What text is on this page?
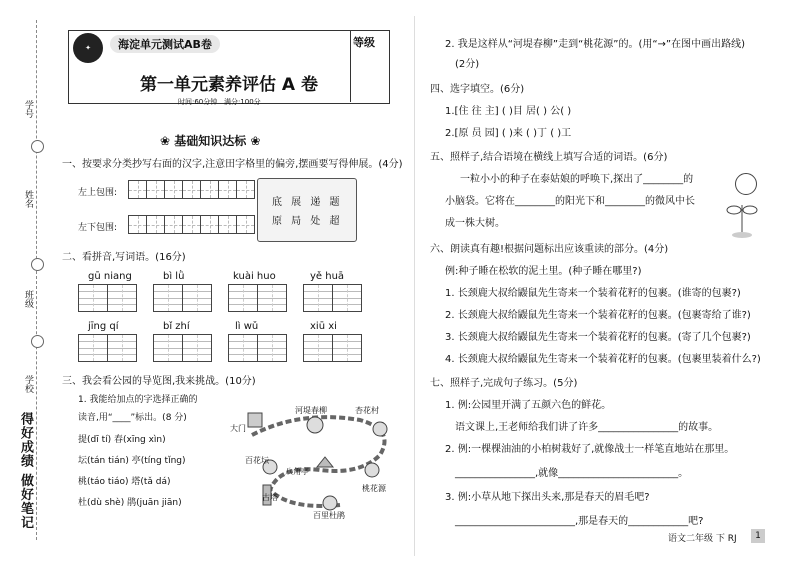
学号
姓名
班级
学校
得好成绩 做好笔记
✦	海淀单元测试AB卷	等级
第一单元素养评估 A 卷
时间:60分钟 满分:100分
❀ 基础知识达标 ❀
一、按要求分类抄写右面的汉字,注意田字格里的偏旁,摆画要写得伸展。(4分)
左上包围:
左下包围:
底 展 递 题
原 局 处 超
二、看拼音,写词语。(16分)
gū niang	bì lǜ	kuài huo	yě huā
jīng qí	bǐ zhí	lì wǔ	xiū xi
三、我会看公园的导览图,我来挑战。(10分)
1. 我能给加点的字选择正确的
读音,用“____”标出。(8 分)
提(dī tí) 春(xīng xìn)
坛(tán tián) 亭(tíng tǐng)
桃(táo tiáo) 塔(tǎ dá)
杜(dù shè) 鹃(juān jiān)
大门
河堤春柳	杏花村
百花坛
八角亭
桃花源
古塔
百里杜鹃
2. 我是这样从“河堤春柳”走到“桃花源”的。(用“→”在图中画出路线)
(2分)
四、选字填空。(6分)
1.[住 往 主] ( )目 居( ) 公( )
2.[原 员 园] ( )来 ( )丁 ( )工
五、照样子,结合语境在横线上填写合适的词语。(6分)
一粒小小的种子在泰姑娘的呼唤下,探出了________的
小脑袋。它将在________的阳光下和________的微风中长
成一株大树。
六、朗读真有趣!根据问题标出应该重读的部分。(4分)
例:种子睡在松软的泥土里。(种子睡在哪里?)
1. 长颈鹿大叔给鼹鼠先生寄来一个装着花籽的包裹。(谁寄的包裹?)
2. 长颈鹿大叔给鼹鼠先生寄来一个装着花籽的包裹。(包裹寄给了谁?)
3. 长颈鹿大叔给鼹鼠先生寄来一个装着花籽的包裹。(寄了几个包裹?)
4. 长颈鹿大叔给鼹鼠先生寄来一个装着花籽的包裹。(包裹里装着什么?)
七、照样子,完成句子练习。(5分)
1. 例:公园里开满了五颜六色的鲜花。
语文课上,王老师给我们讲了许多________________的故事。
2. 例:一棵棵油油的小柏树栽好了,就像战士一样笔直地站在那里。
________________,就像________________________。
3. 例:小草从地下探出头来,那是春天的眉毛吧?
________________________,那是春天的____________吧?
语文二年级 下 RJ	1
